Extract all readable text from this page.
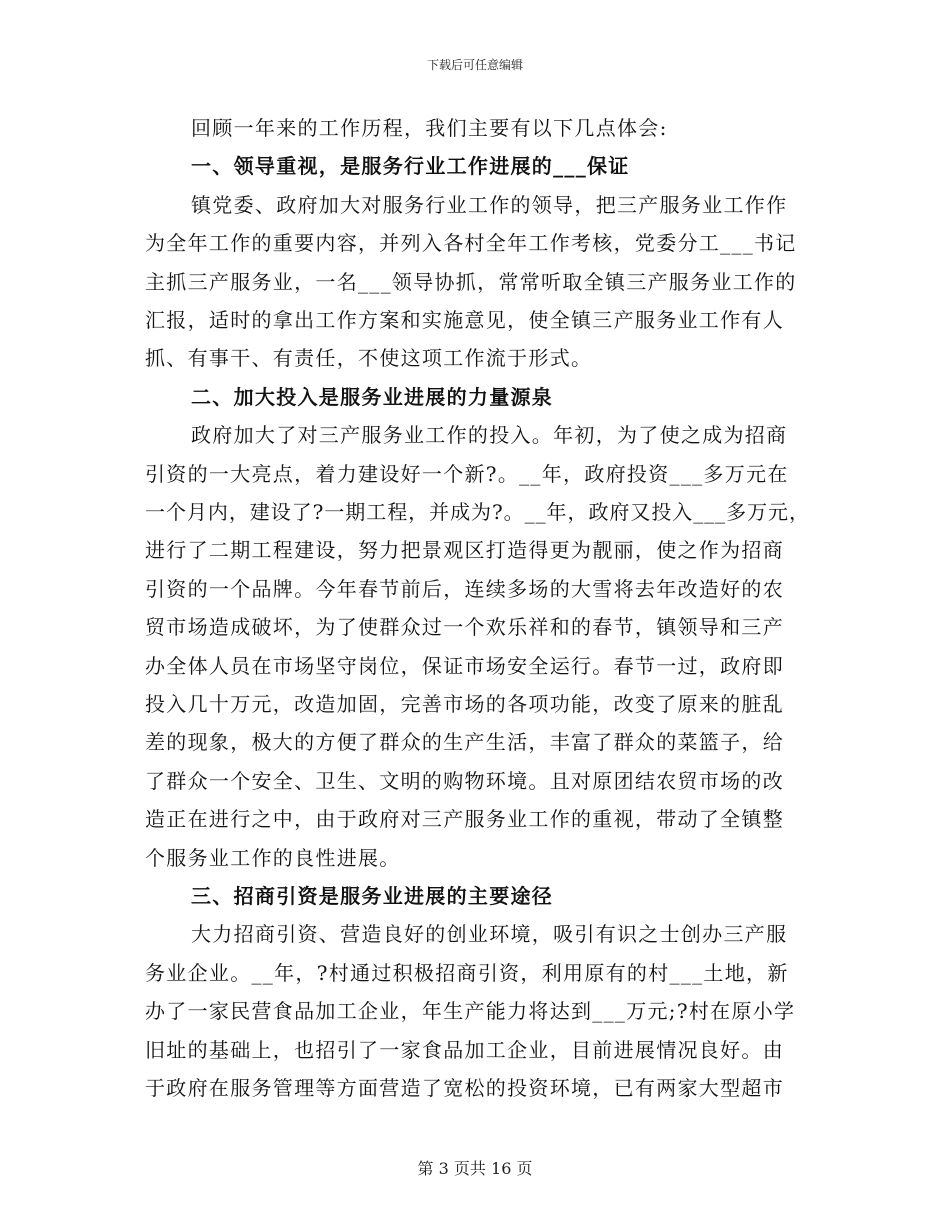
下载后可任意编辑
回顾一年来的工作历程，我们主要有以下几点体会:
一、领导重视，是服务行业工作进展的___保证
镇党委、政府加大对服务行业工作的领导，把三产服务业工作作
为全年工作的重要内容，并列入各村全年工作考核，党委分工___书记
主抓三产服务业，一名___领导协抓，常常听取全镇三产服务业工作的
汇报，适时的拿出工作方案和实施意见，使全镇三产服务业工作有人
抓、有事干、有责任，不使这项工作流于形式。
二、加大投入是服务业进展的力量源泉
政府加大了对三产服务业工作的投入。年初，为了使之成为招商
引资的一大亮点，着力建设好一个新?。__年，政府投资___多万元在
一个月内，建设了?一期工程，并成为?。__年，政府又投入___多万元，
进行了二期工程建设，努力把景观区打造得更为靓丽，使之作为招商
引资的一个品牌。今年春节前后，连续多场的大雪将去年改造好的农
贸市场造成破坏，为了使群众过一个欢乐祥和的春节，镇领导和三产
办全体人员在市场坚守岗位，保证市场安全运行。春节一过，政府即
投入几十万元，改造加固，完善市场的各项功能，改变了原来的脏乱
差的现象，极大的方便了群众的生产生活，丰富了群众的菜篮子，给
了群众一个安全、卫生、文明的购物环境。且对原团结农贸市场的改
造正在进行之中，由于政府对三产服务业工作的重视，带动了全镇整
个服务业工作的良性进展。
三、招商引资是服务业进展的主要途径
大力招商引资、营造良好的创业环境，吸引有识之士创办三产服
务业企业。__年，?村通过积极招商引资，利用原有的村___土地，新
办了一家民营食品加工企业，年生产能力将达到___万元;?村在原小学
旧址的基础上，也招引了一家食品加工企业，目前进展情况良好。由
于政府在服务管理等方面营造了宽松的投资环境，已有两家大型超市
第 3 页共 16 页
